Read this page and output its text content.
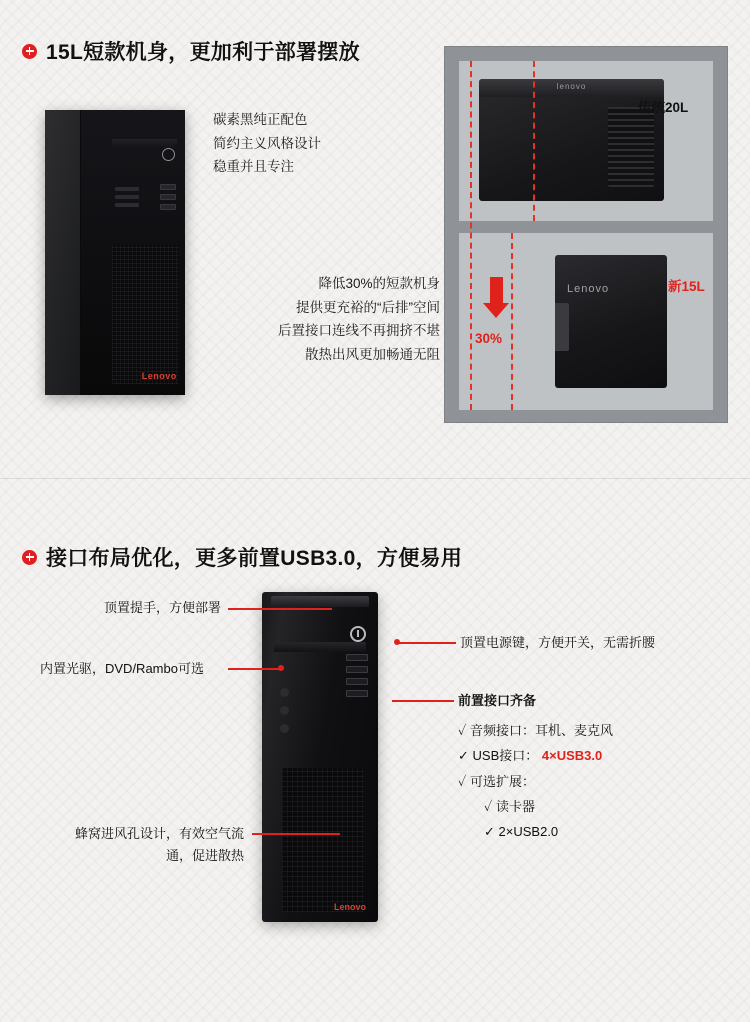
15L短款机身，更加利于部署摆放
Lenovo
碳素黑纯正配色
简约主义风格设计
稳重并且专注
降低30%的短款机身
提供更充裕的“后排”空间
后置接口连线不再拥挤不堪
散热出风更加畅通无阻
lenovo
Lenovo
30%
传统20L
新15L
接口布局优化，更多前置USB3.0，方便易用
Lenovo
顶置提手，方便部署
内置光驱，DVD/Rambo可选
蜂窝进风孔设计，有效空气流
通，促进散热
顶置电源键，方便开关，无需折腰
前置接口齐备
✓ 音频接口：耳机、麦克风
✓ USB接口： 4×USB3.0
✓ 可选扩展：
✓ 读卡器
✓ 2×USB2.0
